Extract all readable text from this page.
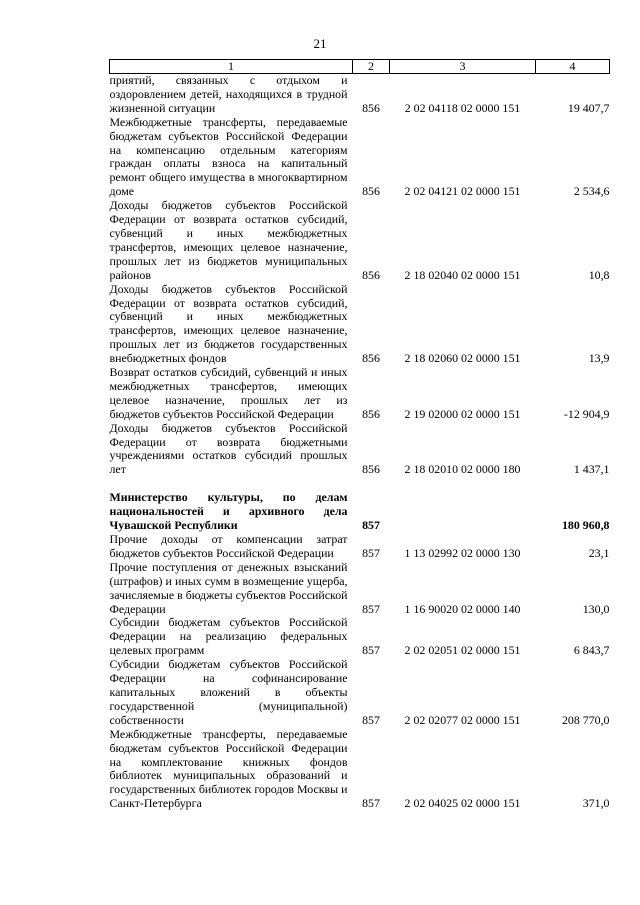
21
1	2	3	4
приятий, связанных с отдыхом и оздоровлением детей, находящихся в трудной жизненной ситуации	856	2 02 04118 02 0000 151	19 407,7
Межбюджетные трансферты, передаваемые бюджетам субъектов Российской Федерации на компенсацию отдельным категориям граждан оплаты взноса на капитальный ремонт общего имущества в многоквартирном доме	856	2 02 04121 02 0000 151	2 534,6
Доходы бюджетов субъектов Российской Федерации от возврата остатков субсидий, субвенций и иных межбюджетных трансфертов, имеющих целевое назначение, прошлых лет из бюджетов муниципальных районов	856	2 18 02040 02 0000 151	10,8
Доходы бюджетов субъектов Российской Федерации от возврата остатков субсидий, субвенций и иных межбюджетных трансфертов, имеющих целевое назначение, прошлых лет из бюджетов государственных внебюджетных фондов	856	2 18 02060 02 0000 151	13,9
Возврат остатков субсидий, субвенций и иных межбюджетных трансфертов, имеющих целевое назначение, прошлых лет из бюджетов субъектов Российской Федерации	856	2 19 02000 02 0000 151	-12 904,9
Доходы бюджетов субъектов Российской Федерации от возврата бюджетными учреждениями остатков субсидий прошлых лет	856	2 18 02010 02 0000 180	1 437,1

Министерство культуры, по делам национальностей и архивного дела Чувашской Республики	857		180 960,8
Прочие доходы от компенсации затрат бюджетов субъектов Российской Федерации	857	1 13 02992 02 0000 130	23,1
Прочие поступления от денежных взысканий (штрафов) и иных сумм в возмещение ущерба, зачисляемые в бюджеты субъектов Российской Федерации	857	1 16 90020 02 0000 140	130,0
Субсидии бюджетам субъектов Российской Федерации на реализацию федеральных целевых программ	857	2 02 02051 02 0000 151	6 843,7
Субсидии бюджетам субъектов Российской Федерации на софинансирование капитальных вложений в объекты государственной (муниципальной) собственности	857	2 02 02077 02 0000 151	208 770,0
Межбюджетные трансферты, передаваемые бюджетам субъектов Российской Федерации на комплектование книжных фондов библиотек муниципальных образований и государственных библиотек городов Москвы и Санкт-Петербурга	857	2 02 04025 02 0000 151	371,0
